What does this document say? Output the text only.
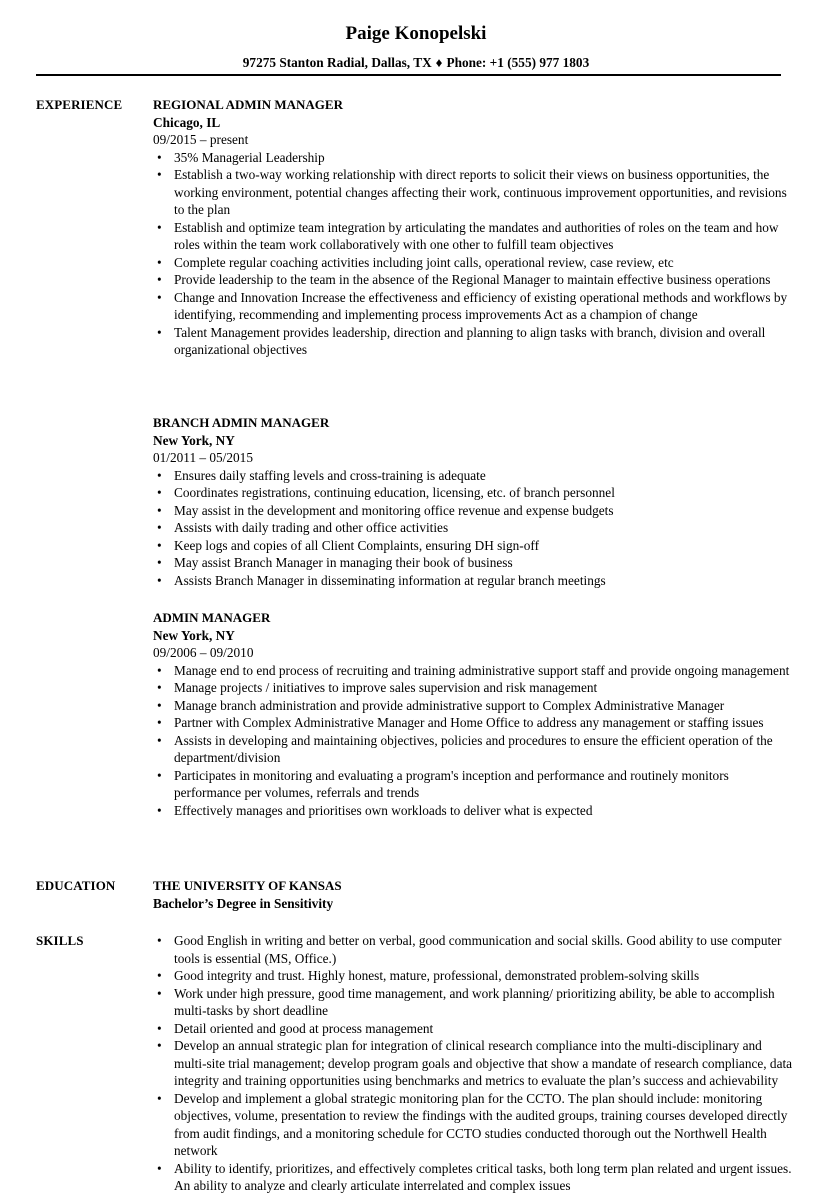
Paige Konopelski
97275 Stanton Radial, Dallas, TX ♦ Phone: +1 (555) 977 1803
EXPERIENCE REGIONAL ADMIN MANAGER
Chicago, IL
09/2015 – present
• 35% Managerial Leadership
• Establish a two-way working relationship with direct reports to solicit their views on business opportunities, the working environment, potential changes affecting their work, continuous improvement opportunities, and revisions to the plan
• Establish and optimize team integration by articulating the mandates and authorities of roles on the team and how roles within the team work collaboratively with one other to fulfill team objectives
• Complete regular coaching activities including joint calls, operational review, case review, etc
• Provide leadership to the team in the absence of the Regional Manager to maintain effective business operations
• Change and Innovation Increase the effectiveness and efficiency of existing operational methods and workflows by identifying, recommending and implementing process improvements Act as a champion of change
• Talent Management provides leadership, direction and planning to align tasks with branch, division and overall organizational objectives
BRANCH ADMIN MANAGER
New York, NY
01/2011 – 05/2015
• Ensures daily staffing levels and cross-training is adequate
• Coordinates registrations, continuing education, licensing, etc. of branch personnel
• May assist in the development and monitoring office revenue and expense budgets
• Assists with daily trading and other office activities
• Keep logs and copies of all Client Complaints, ensuring DH sign-off
• May assist Branch Manager in managing their book of business
• Assists Branch Manager in disseminating information at regular branch meetings
ADMIN MANAGER
New York, NY
09/2006 – 09/2010
• Manage end to end process of recruiting and training administrative support staff and provide ongoing management
• Manage projects / initiatives to improve sales supervision and risk management
• Manage branch administration and provide administrative support to Complex Administrative Manager
• Partner with Complex Administrative Manager and Home Office to address any management or staffing issues
• Assists in developing and maintaining objectives, policies and procedures to ensure the efficient operation of the department/division
• Participates in monitoring and evaluating a program's inception and performance and routinely monitors performance per volumes, referrals and trends
• Effectively manages and prioritises own workloads to deliver what is expected
EDUCATION	THE UNIVERSITY OF KANSAS
Bachelor’s Degree in Sensitivity
SKILLS
•	Good English in writing and better on verbal, good communication and social skills. Good ability to use computer tools is essential (MS, Office.)
• Good integrity and trust. Highly honest, mature, professional, demonstrated problem-solving skills
• Work under high pressure, good time management, and work planning/ prioritizing ability, be able to accomplish multi-tasks by short deadline
• Detail oriented and good at process management
• Develop an annual strategic plan for integration of clinical research compliance into the multi-disciplinary and multi-site trial management; develop program goals and objective that show a mandate of research compliance, data integrity and training opportunities using benchmarks and metrics to evaluate the plan’s success and achievability
• Develop and implement a global strategic monitoring plan for the CCTO. The plan should include: monitoring objectives, volume, presentation to review the findings with the audited groups, training courses developed directly from audit findings, and a monitoring schedule for CCTO studies conducted thorough out the Northwell Health network
• Ability to identify, prioritizes, and effectively completes critical tasks, both long term plan related and urgent issues. An ability to analyze and clearly articulate interrelated and complex issues
